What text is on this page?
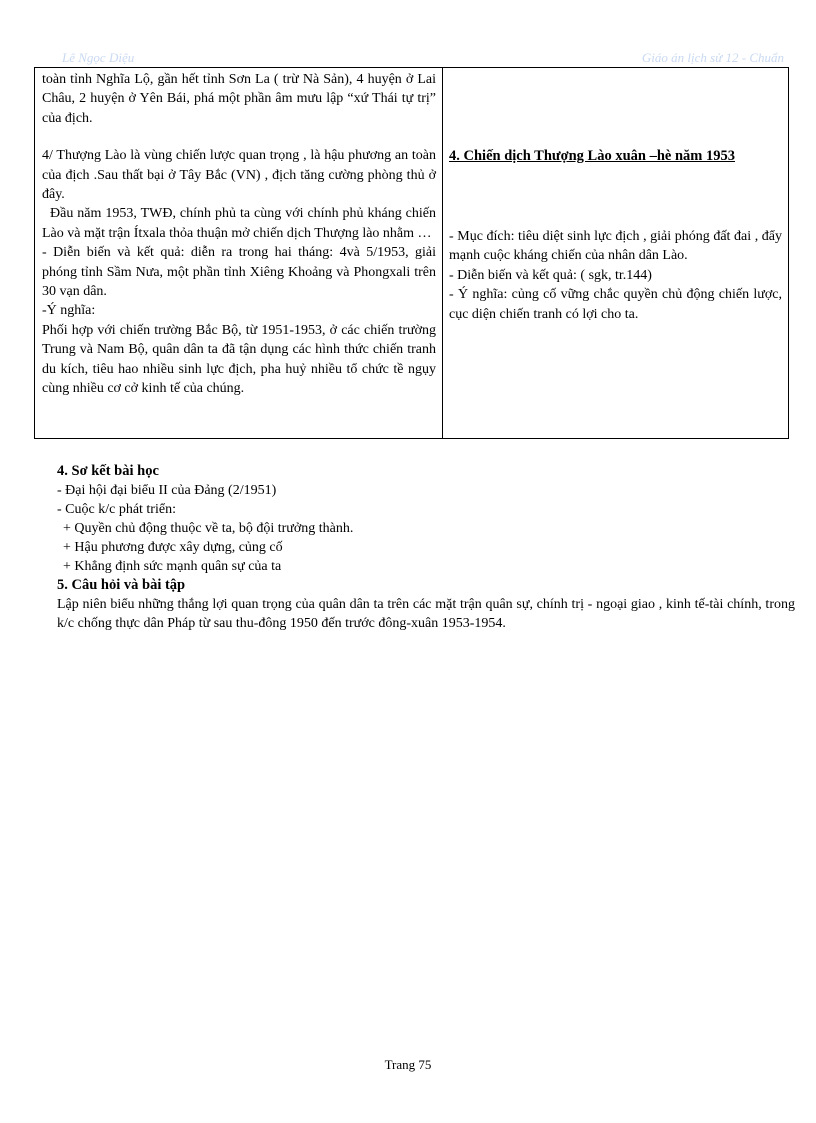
Lê Ngọc Diệu	Giáo án lịch sử 12 - Chuẩn

toàn tỉnh Nghĩa Lộ, gần hết tỉnh Sơn La ( trừ Nà Sản), 4 huyện ở Lai Châu, 2 huyện ở Yên Bái, phá một phần âm mưu lập “xứ Thái tự trị” của địch.

4/ Thượng Lào là vùng chiến lược quan trọng , là hậu phương an toàn của địch .Sau thất bại ở Tây Bắc (VN) , địch tăng cường phòng thủ ở đây.

Đầu năm 1953, TWĐ, chính phủ ta cùng với chính phủ kháng chiến Lào và mặt trận Ítxala thỏa thuận mở chiến dịch Thượng lào nhằm …

- Diễn biến và kết quả: diễn ra trong hai tháng: 4và 5/1953, giải phóng tỉnh Sầm Nưa, một phần tỉnh Xiêng Khoảng và Phongxali trên 30 vạn dân.

-Ý nghĩa:

Phối hợp với chiến trường Bắc Bộ, từ 1951-1953, ở các chiến trường Trung và Nam Bộ, quân dân ta đã tận dụng các hình thức chiến tranh du kích, tiêu hao nhiều sinh lực địch, pha huỷ nhiều tổ chức tề ngụy cùng nhiều cơ cở kinh tế của chúng.

4. Chiến dịch Thượng Lào xuân –hè năm 1953

- Mục đích: tiêu diệt sinh lực địch , giải phóng đất đai , đẩy mạnh cuộc kháng chiến của nhân dân Lào.

- Diễn biến và kết quả: ( sgk, tr.144)

- Ý nghĩa: củng cố vững chắc quyền chủ động chiến lược, cục diện chiến tranh có lợi cho ta.

4. Sơ kết bài học

- Đại hội đại biểu II của Đảng (2/1951)

- Cuộc k/c phát triển:

+ Quyền chủ động thuộc về ta, bộ đội trưởng thành.

+ Hậu phương được xây dựng, củng cố

+ Khẳng định sức mạnh quân sự của ta

5. Câu hỏi và bài tập

Lập niên biểu những thắng lợi quan trọng của quân dân ta trên các mặt trận quân sự, chính trị - ngoại giao , kinh tế-tài chính, trong k/c chống thực dân Pháp từ sau thu-đông 1950 đến trước đông-xuân 1953-1954.

Trang 75
